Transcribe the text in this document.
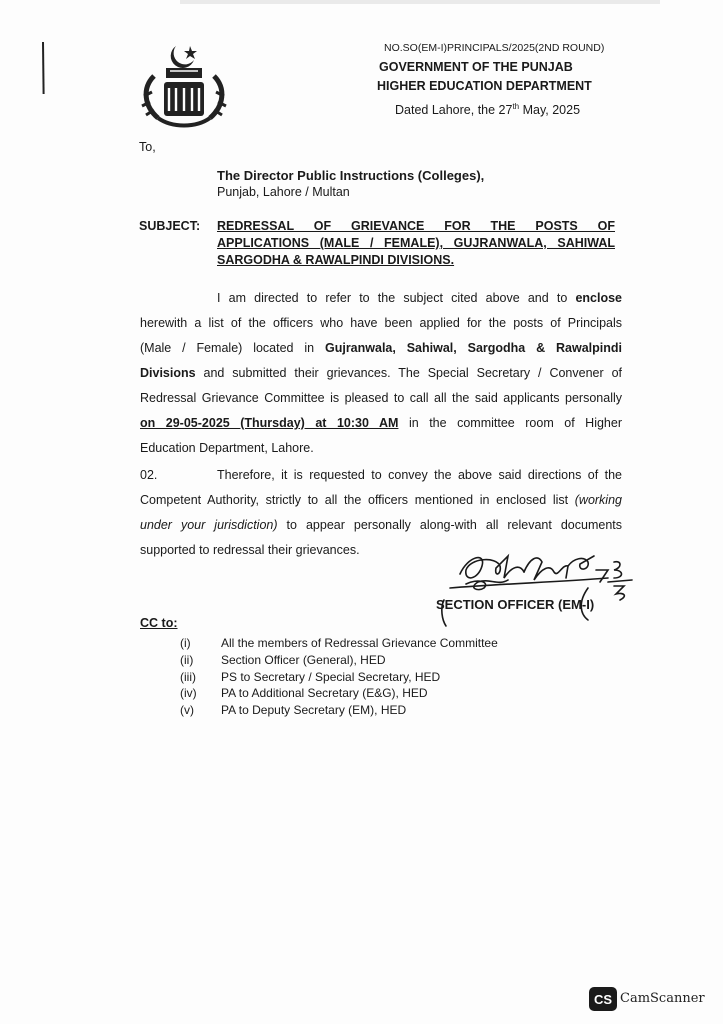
NO.SO(EM-I)PRINCIPALS/2025(2ND ROUND)
GOVERNMENT OF THE PUNJAB
HIGHER EDUCATION DEPARTMENT
Dated Lahore, the 27th May, 2025
To,
The Director Public Instructions (Colleges),
Punjab, Lahore / Multan
SUBJECT: REDRESSAL OF GRIEVANCE FOR THE POSTS OF
APPLICATIONS (MALE / FEMALE), GUJRANWALA, SAHIWAL
SARGODHA & RAWALPINDI DIVISIONS.
I am directed to refer to the subject cited above and to enclose
herewith a list of the officers who have been applied for the posts of Principals
(Male / Female) located in Gujranwala, Sahiwal, Sargodha & Rawalpindi
Divisions and submitted their grievances. The Special Secretary / Convener of
Redressal Grievance Committee is pleased to call all the said applicants personally
on 29-05-2025 (Thursday) at 10:30 AM in the committee room of Higher
Education Department, Lahore.
02.	Therefore, it is requested to convey the above said directions of the
Competent Authority, strictly to all the officers mentioned in enclosed list (working
under your jurisdiction) to appear personally along-with all relevant documents
supported to redressal their grievances.
SECTION OFFICER (EM-I)
CC to:
(i)	All the members of Redressal Grievance Committee
(ii) Section Officer (General), HED
(iii) PS to Secretary / Special Secretary, HED
(iv) PA to Additional Secretary (E&G), HED
(v) PA to Deputy Secretary (EM), HED
CS CamScanner
